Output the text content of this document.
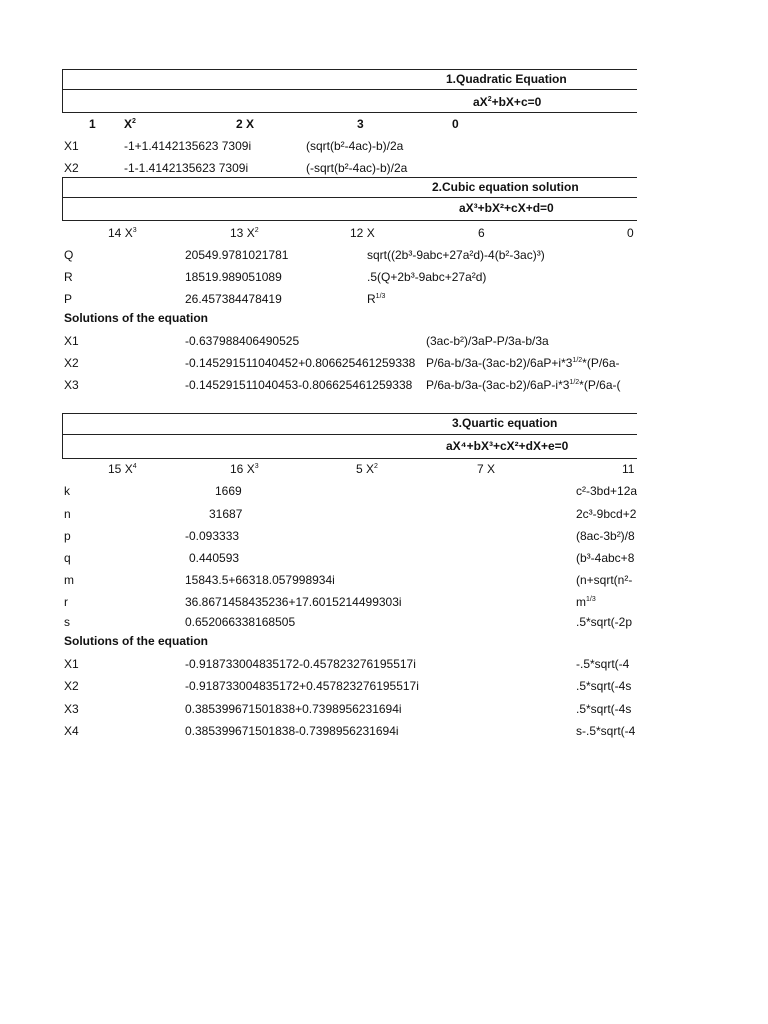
1.Quadratic Equation
$aX^2+bX+c=0$
1 $X^2$	2 X	3	0
X1	-1+1.4142135623 7309i	(sqrt(b²-4ac)-b)/2a
X2	-1-1.4142135623 7309i	(-sqrt(b²-4ac)-b)/2a
2.Cubic equation solution
aX³+bX²+cX+d=0
14 $X^3$	13 $X^2$	12 X	6	0
Q	20549.9781021781	sqrt((2b³-9abc+27a²d)-4(b²-3ac)³)
R	18519.989051089	.5(Q+2b³-9abc+27a²d)
P	26.457384478419	$R^{1/3}$
Solutions of the equation
X1	-0.637988406490525	(3ac-b²)/3aP-P/3a-b/3a
X2	-0.145291511040452+0.806625461259338 $P/6a-b/3a-(3ac-b2)/6aP+i*3^{1/2}*(P/6a-$
X3	-0.145291511040453-0.806625461259338 $P/6a-b/3a-(3ac-b2)/6aP-i*3^{1/2}*(P/6a-$(
3.Quartic equation
aX⁴+bX³+cX²+dX+e=0
15 $X^4$	16 $X^3$	5 $X^2$	7 X	11
k	1669	c²-3bd+12a
n	31687	2c³-9bcd+2
p	-0.093333	(8ac-3b²)/8
q	0.440593	(b³-4abc+8
m	15843.5+66318.057998934i	(n+sqrt(n²-
r	36.8671458435236+17.6015214499303i	$m^{1/3}$
s	0.652066338168505	.5*sqrt(-2p
Solutions of the equation
X1	-0.918733004835172-0.457823276195517i	-.5*sqrt(-4
X2	-0.918733004835172+0.457823276195517i	.5*sqrt(-4s
X3	0.385399671501838+0.7398956231694i	.5*sqrt(-4s
X4	0.385399671501838-0.7398956231694i	s-.5*sqrt(-4
